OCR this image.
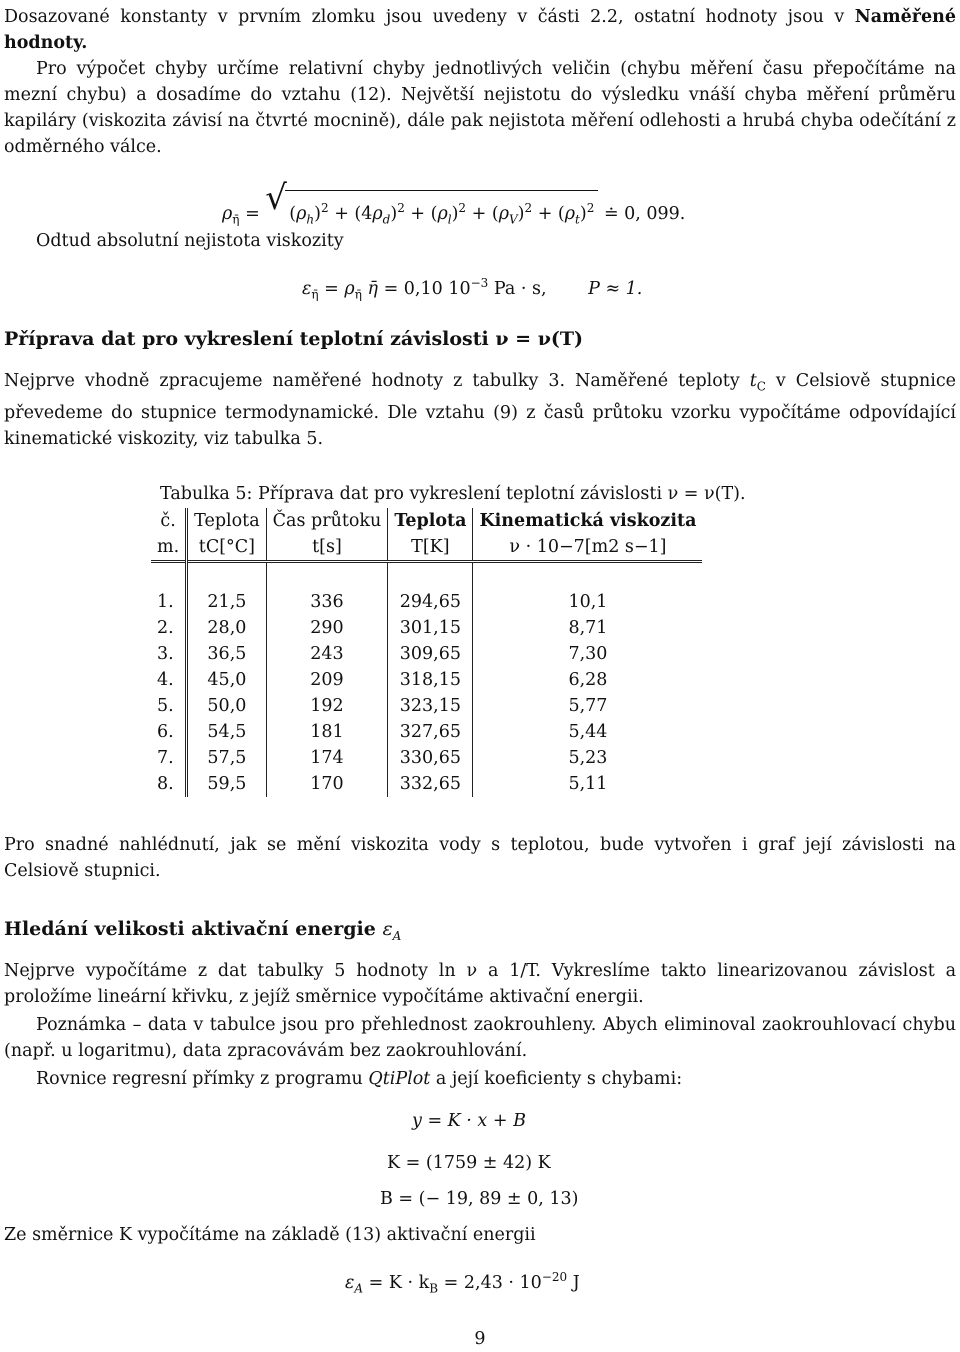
Dosazované konstanty v prvním zlomku jsou uvedeny v části 2.2, ostatní hodnoty jsou v Naměřené hodnoty.

Pro výpočet chyby určíme relativní chyby jednotlivých veličin (chybu měření času přepočítáme na mezní chybu) a dosadíme do vztahu (12). Největší nejistotu do výsledku vnáší chyba měření průměru kapiláry (viskozita závisí na čtvrté mocnině), dále pak nejistota měření odlehosti a hrubá chyba odečítání z odměrného válce.

$\rho_{\etā}$ = √ $(\rho_h)^2 + (4\rho_d)^2 + (\rho_l)^2 + (\rho_V)^2 + (\rho_t)^2$ ≐ 0, 099.

Odtud absolutní nejistota viskozity

$\varepsilon_{\etā} = \rho_{\etā}$ η̄ = 0,10 $10^{-3}$ Pa · s, P ≈ 1.
Příprava dat pro vykreslení teplotní závislosti ν = ν(T)

Nejprve vhodně zpracujeme naměřené hodnoty z tabulky 3. Naměřené teploty $t_C$ v Celsiově stupnice převedeme do stupnice termodynamické. Dle vztahu (9) z časů průtoku vzorku vypočítáme odpovídající kinematické viskozity, viz tabulka 5.

Tabulka 5: Příprava dat pro vykreslení teplotní závislosti ν = ν(T).
č.	Teplota	Čas průtoku	Teplota	Kinematická viskozita
m.	tC[°C]	t[s]	T[K]	ν · 10−7[m2 s−1]

1.	21,5	336	294,65	10,1
2.	28,0	290	301,15	8,71
3.	36,5	243	309,65	7,30
4.	45,0	209	318,15	6,28
5.	50,0	192	323,15	5,77
6.	54,5	181	327,65	5,44
7.	57,5	174	330,65	5,23
8.	59,5	170	332,65	5,11

Pro snadné nahlédnutí, jak se mění viskozita vody s teplotou, bude vytvořen i graf její závislosti na Celsiově stupnici.

Hledání velikosti aktivační energie $\varepsilon_A$

Nejprve vypočítáme z dat tabulky 5 hodnoty ln ν a 1/T. Vykreslíme takto linearizovanou závislost a proložíme lineární křivku, z jejíž směrnice vypočítáme aktivační energii.

Poznámka – data v tabulce jsou pro přehlednost zaokrouhleny. Abych eliminoval zaokrouhlovací chybu (např. u logaritmu), data zpracovávám bez zaokrouhlování.

Rovnice regresní přímky z programu QtiPlot a její koeficienty s chybami:

y = K · x + B
K = (1759 ± 42) K
B = (− 19, 89 ± 0, 13)

Ze směrnice K vypočítáme na základě (13) aktivační energii

$\varepsilon_A = K \cdot k_B = 2,43 \cdot 10^{-20}$ J
9
